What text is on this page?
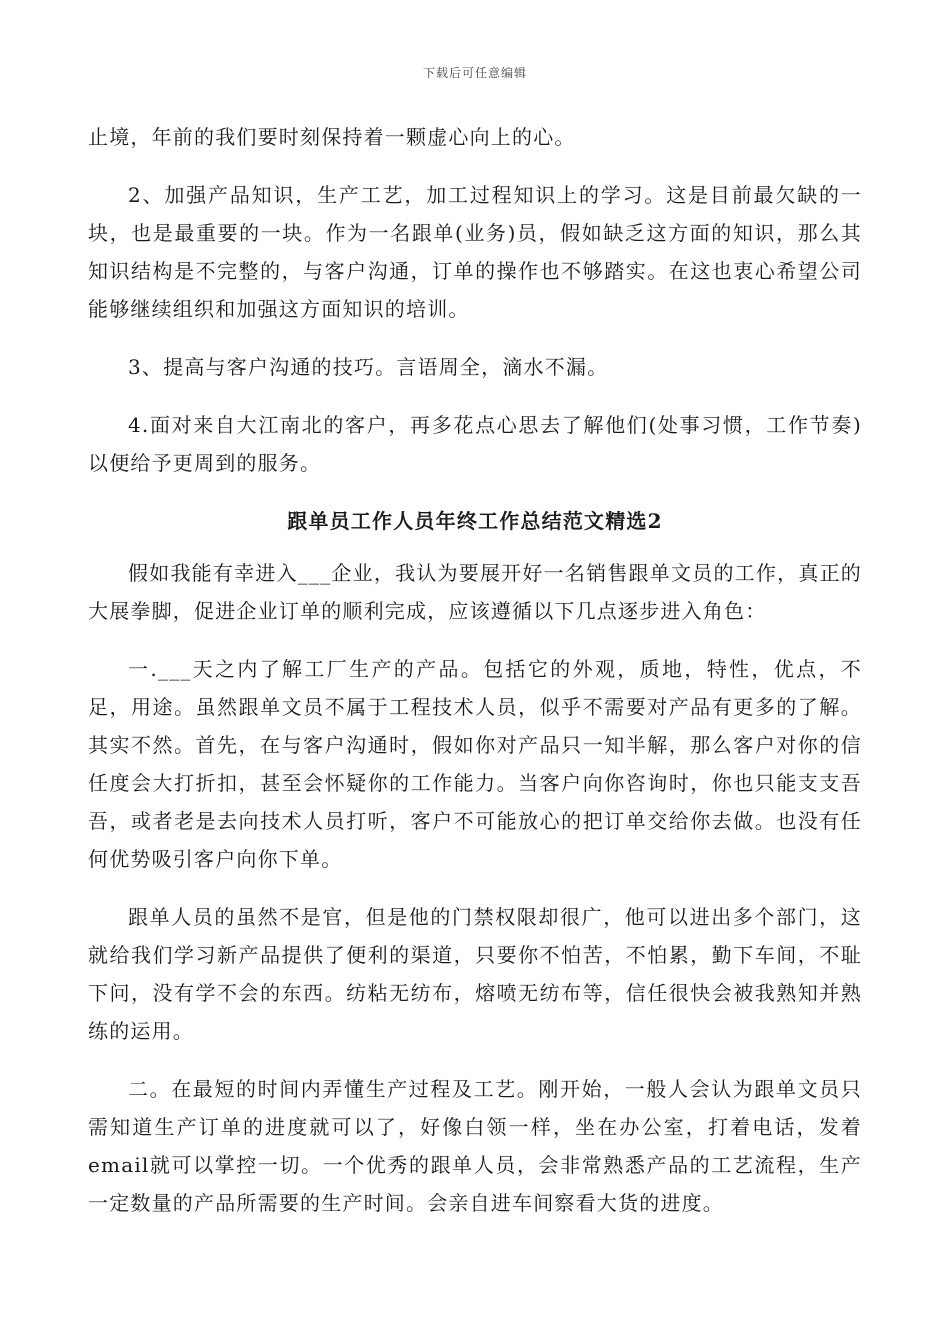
下载后可任意编辑

止境，年前的我们要时刻保持着一颗虚心向上的心。

2、加强产品知识，生产工艺，加工过程知识上的学习。这是目前最欠缺的一块，也是最重要的一块。作为一名跟单(业务)员，假如缺乏这方面的知识，那么其知识结构是不完整的，与客户沟通，订单的操作也不够踏实。在这也衷心希望公司能够继续组织和加强这方面知识的培训。

3、提高与客户沟通的技巧。言语周全，滴水不漏。

4.面对来自大江南北的客户，再多花点心思去了解他们(处事习惯，工作节奏)以便给予更周到的服务。

跟单员工作人员年终工作总结范文精选2

假如我能有幸进入___企业，我认为要展开好一名销售跟单文员的工作，真正的大展拳脚，促进企业订单的顺利完成，应该遵循以下几点逐步进入角色：

一.___天之内了解工厂生产的产品。包括它的外观，质地，特性，优点，不足，用途。虽然跟单文员不属于工程技术人员，似乎不需要对产品有更多的了解。其实不然。首先，在与客户沟通时，假如你对产品只一知半解，那么客户对你的信任度会大打折扣，甚至会怀疑你的工作能力。当客户向你咨询时，你也只能支支吾吾，或者老是去向技术人员打听，客户不可能放心的把订单交给你去做。也没有任何优势吸引客户向你下单。

跟单人员的虽然不是官，但是他的门禁权限却很广，他可以进出多个部门，这就给我们学习新产品提供了便利的渠道，只要你不怕苦，不怕累，勤下车间，不耻下问，没有学不会的东西。纺粘无纺布，熔喷无纺布等，信任很快会被我熟知并熟练的运用。

二。在最短的时间内弄懂生产过程及工艺。刚开始，一般人会认为跟单文员只需知道生产订单的进度就可以了，好像白领一样，坐在办公室，打着电话，发着email就可以掌控一切。一个优秀的跟单人员，会非常熟悉产品的工艺流程，生产一定数量的产品所需要的生产时间。会亲自进车间察看大货的进度。
